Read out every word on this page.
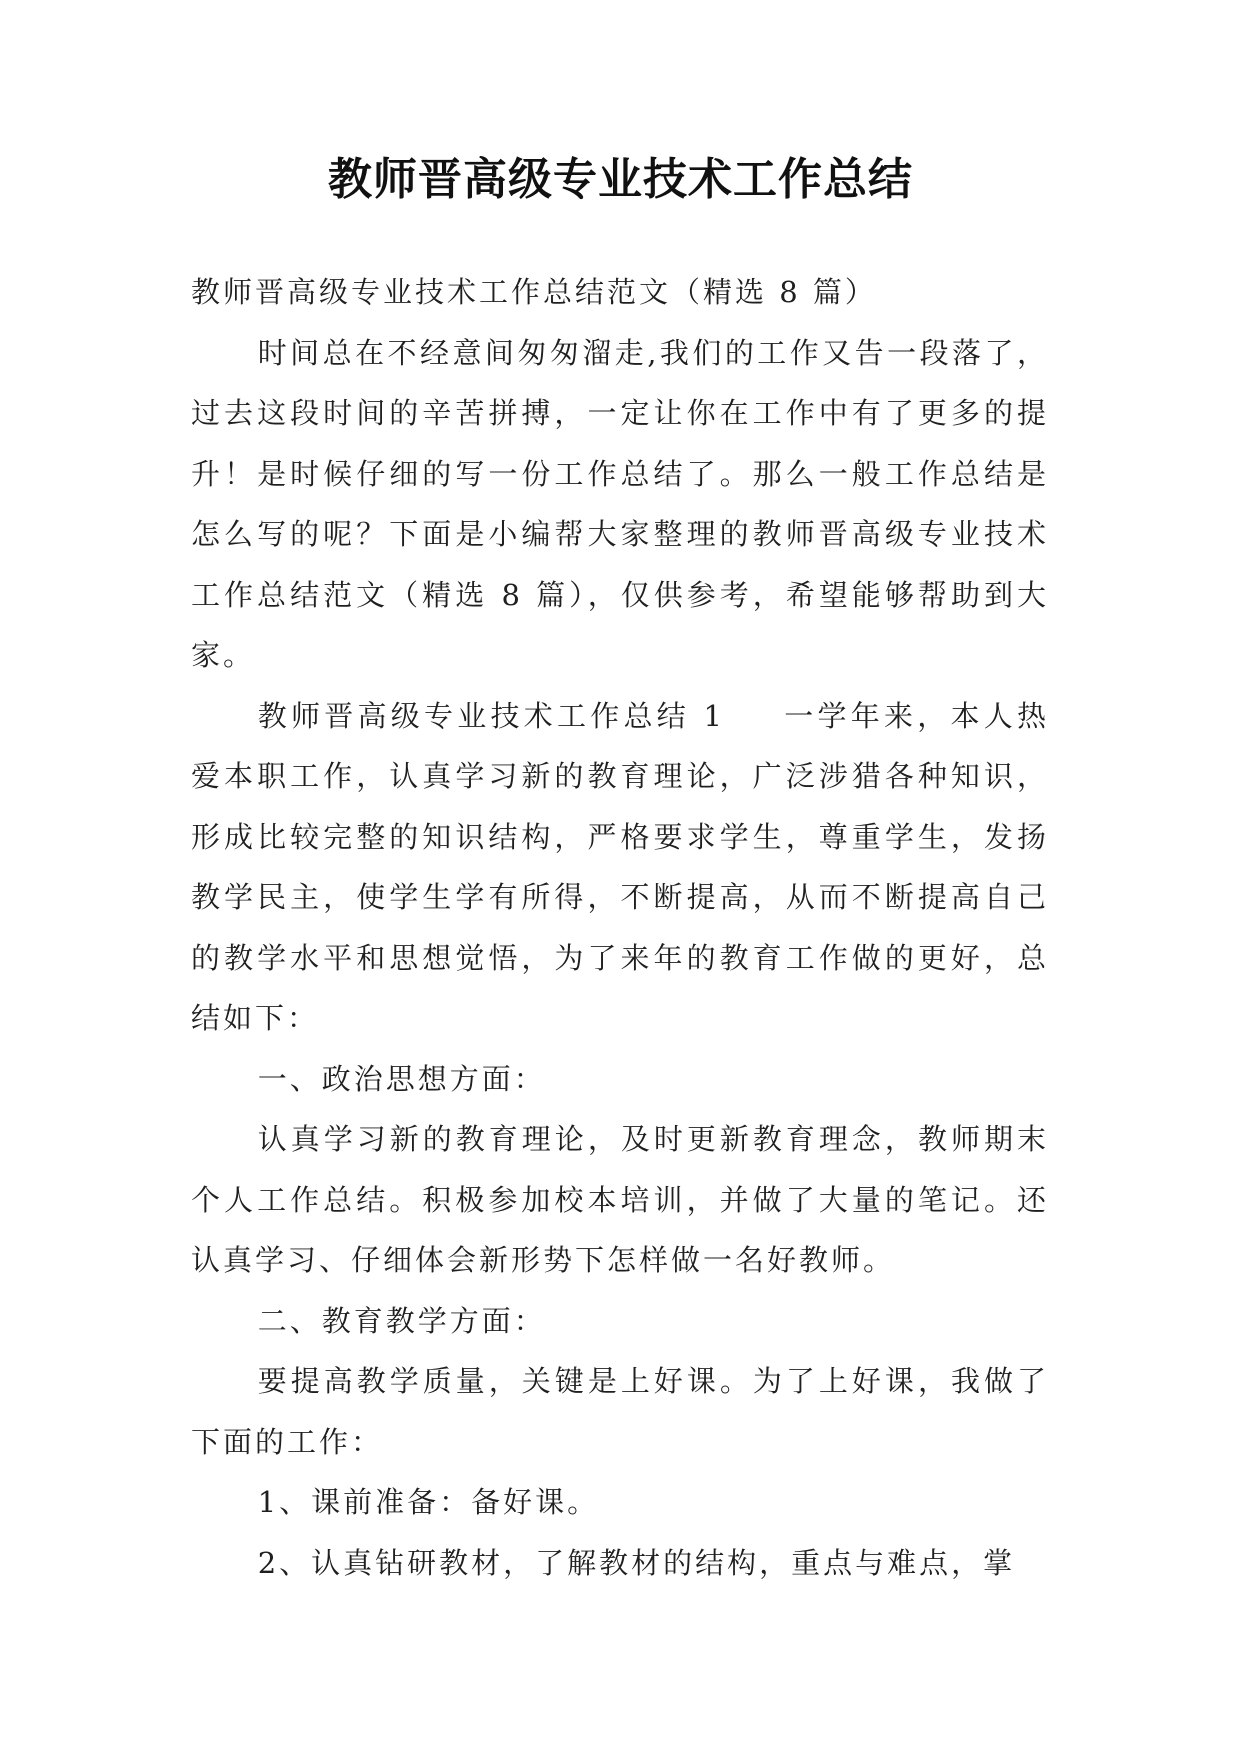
教师晋高级专业技术工作总结

教师晋高级专业技术工作总结范文（精选 8 篇）

时间总在不经意间匆匆溜走,我们的工作又告一段落了，过去这段时间的辛苦拼搏，一定让你在工作中有了更多的提升！是时候仔细的写一份工作总结了。那么一般工作总结是怎么写的呢？下面是小编帮大家整理的教师晋高级专业技术工作总结范文（精选 8 篇），仅供参考，希望能够帮助到大家。

教师晋高级专业技术工作总结 1 一学年来，本人热爱本职工作，认真学习新的教育理论，广泛涉猎各种知识，形成比较完整的知识结构，严格要求学生，尊重学生，发扬教学民主，使学生学有所得，不断提高，从而不断提高自己的教学水平和思想觉悟，为了来年的教育工作做的更好，总结如下：

一、政治思想方面：

认真学习新的教育理论，及时更新教育理念，教师期末个人工作总结。积极参加校本培训，并做了大量的笔记。还认真学习、仔细体会新形势下怎样做一名好教师。

二、教育教学方面：

要提高教学质量，关键是上好课。为了上好课，我做了下面的工作：

1、课前准备：备好课。

2、认真钻研教材，了解教材的结构，重点与难点，掌
